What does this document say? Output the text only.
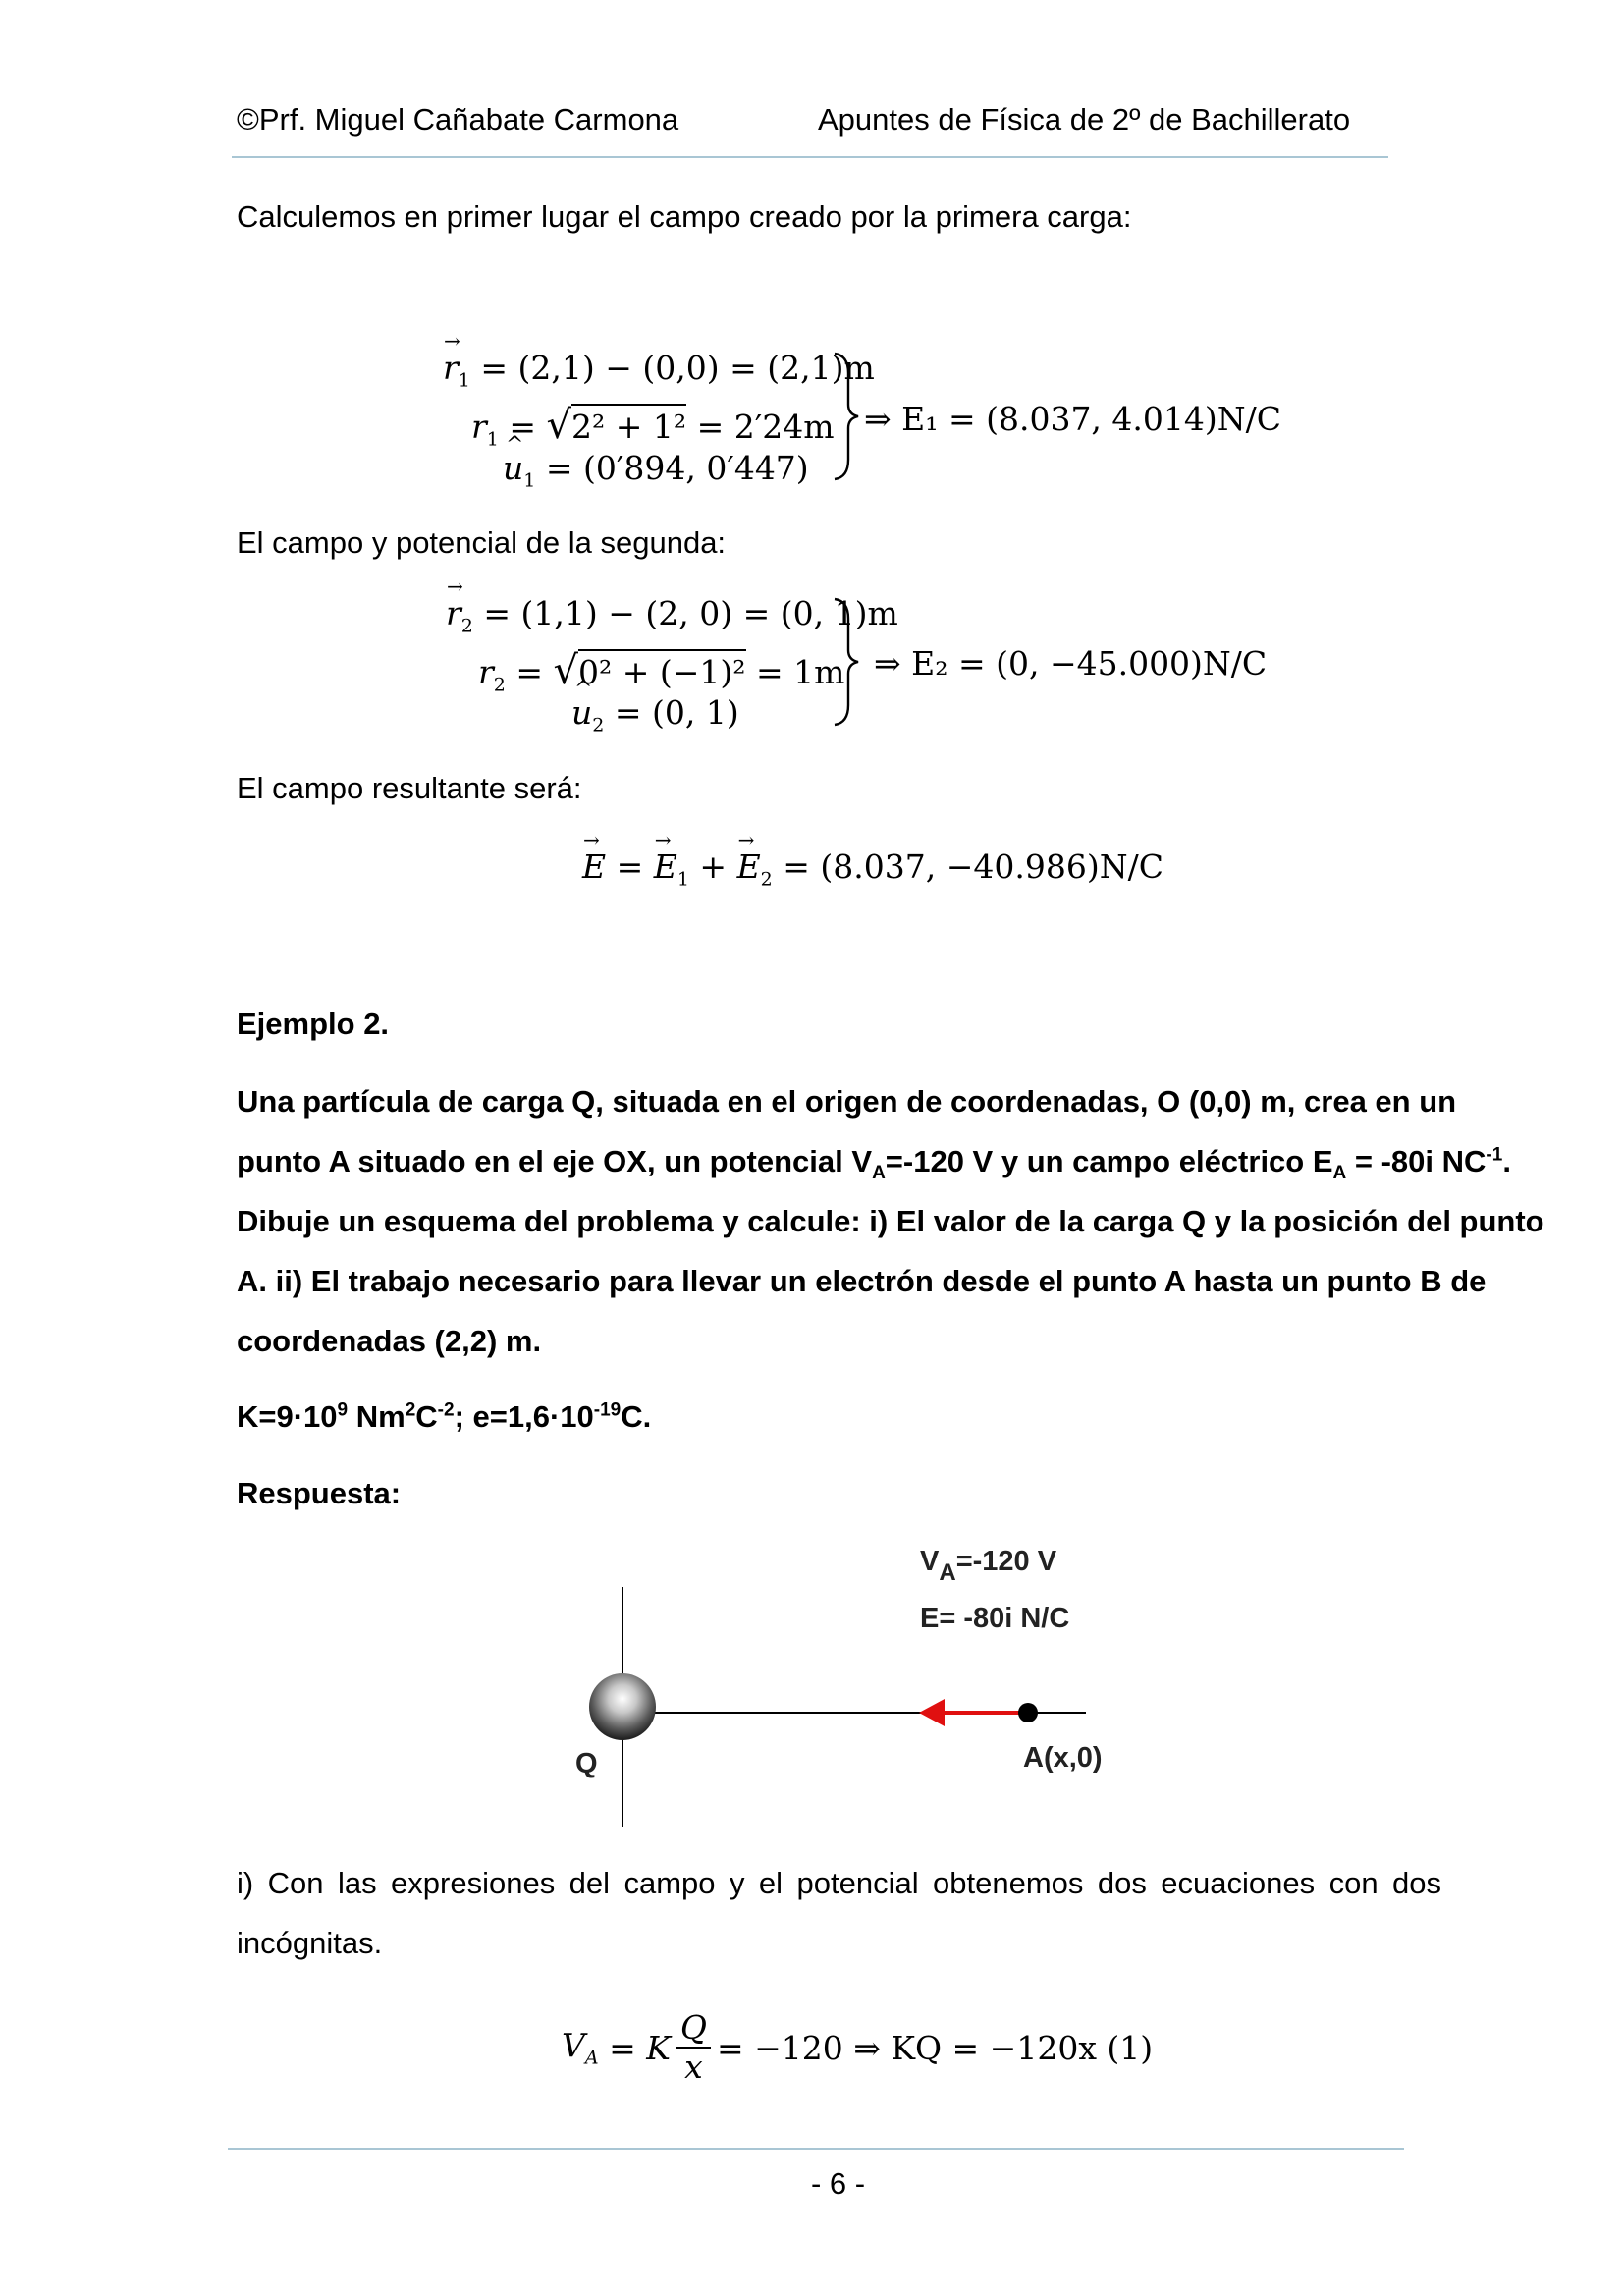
©Prf. Miguel Cañabate Carmona	Apuntes de Física de 2º de Bachillerato
Calculemos en primer lugar el campo creado por la primera carga:
→ $r_1 = (2,1) - (0,0) = (2,1)m$
$r_1 = √2^2 + 1^2 = 2'24m$
^ $u_1 = (0'894$, 0′447)
⇒ E₁ = (8.037, 4.014)N/C
El campo y potencial de la segunda:
→ $r_2 = (1,1) - (2$, 0) = (0, 1)m
$r_2 = √0^2 + (-1)^2 = 1m$
^ $u_2 = (0$, 1)
⇒ E₂ = (0, −45.000)N/C
El campo resultante será:
→ E = → $E_1$ + → $E_2 = (8.037$, −40.986)N/C
Ejemplo 2.
Una partícula de carga Q, situada en el origen de coordenadas, O (0,0) m, crea en un
punto A situado en el eje OX, un potencial $V_A=-120$ V y un campo eléctrico $E_A = -80i$ $NC^{-1}$.
Dibuje un esquema del problema y calcule: i) El valor de la carga Q y la posición del punto
A. ii) El trabajo necesario para llevar un electrón desde el punto A hasta un punto B de
coordenadas (2,2) m.
$K=9\cdot 10^9$ $Nm^2C^{-2}$; $e=1,6\cdot 10^{-19}C$.
Respuesta:
$V_A=-120$ V
E= -80i N/C
Q	A(x,0)
i) Con las expresiones del campo y el potencial obtenemos dos ecuaciones con dos
incógnitas.
$V_A = K \frac{Q}{x} = -120$ ⇒ KQ = −120x (1)
- 6 -
